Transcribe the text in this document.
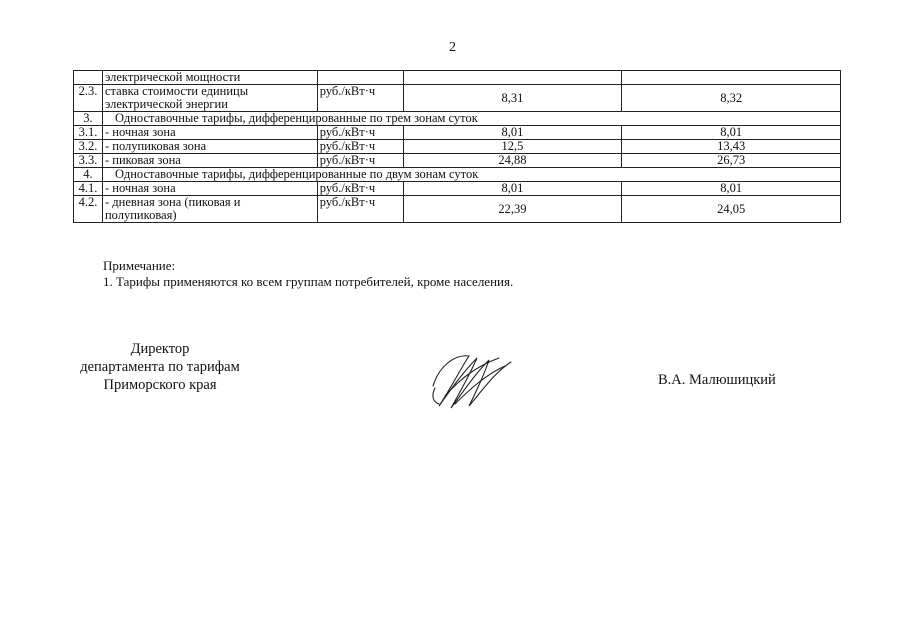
2
	электрической мощности			
2.3.	ставка стоимости единицы электрической энергии	руб./кВт·ч	8,31	8,32
3.	Одноставочные тарифы, дифференцированные по трем зонам суток			
3.1.	- ночная зона	руб./кВт·ч	8,01	8,01
3.2.	- полупиковая зона	руб./кВт·ч	12,5	13,43
3.3.	- пиковая зона	руб./кВт·ч	24,88	26,73
4.	Одноставочные тарифы, дифференцированные по двум зонам суток			
4.1.	- ночная зона	руб./кВт·ч	8,01	8,01
4.2.	- дневная зона (пиковая и полупиковая)	руб./кВт·ч	22,39	24,05
Примечание:
1. Тарифы применяются ко всем группам потребителей, кроме населения.
Директор
департамента по тарифам
Приморского края	В.А. Малюшицкий
